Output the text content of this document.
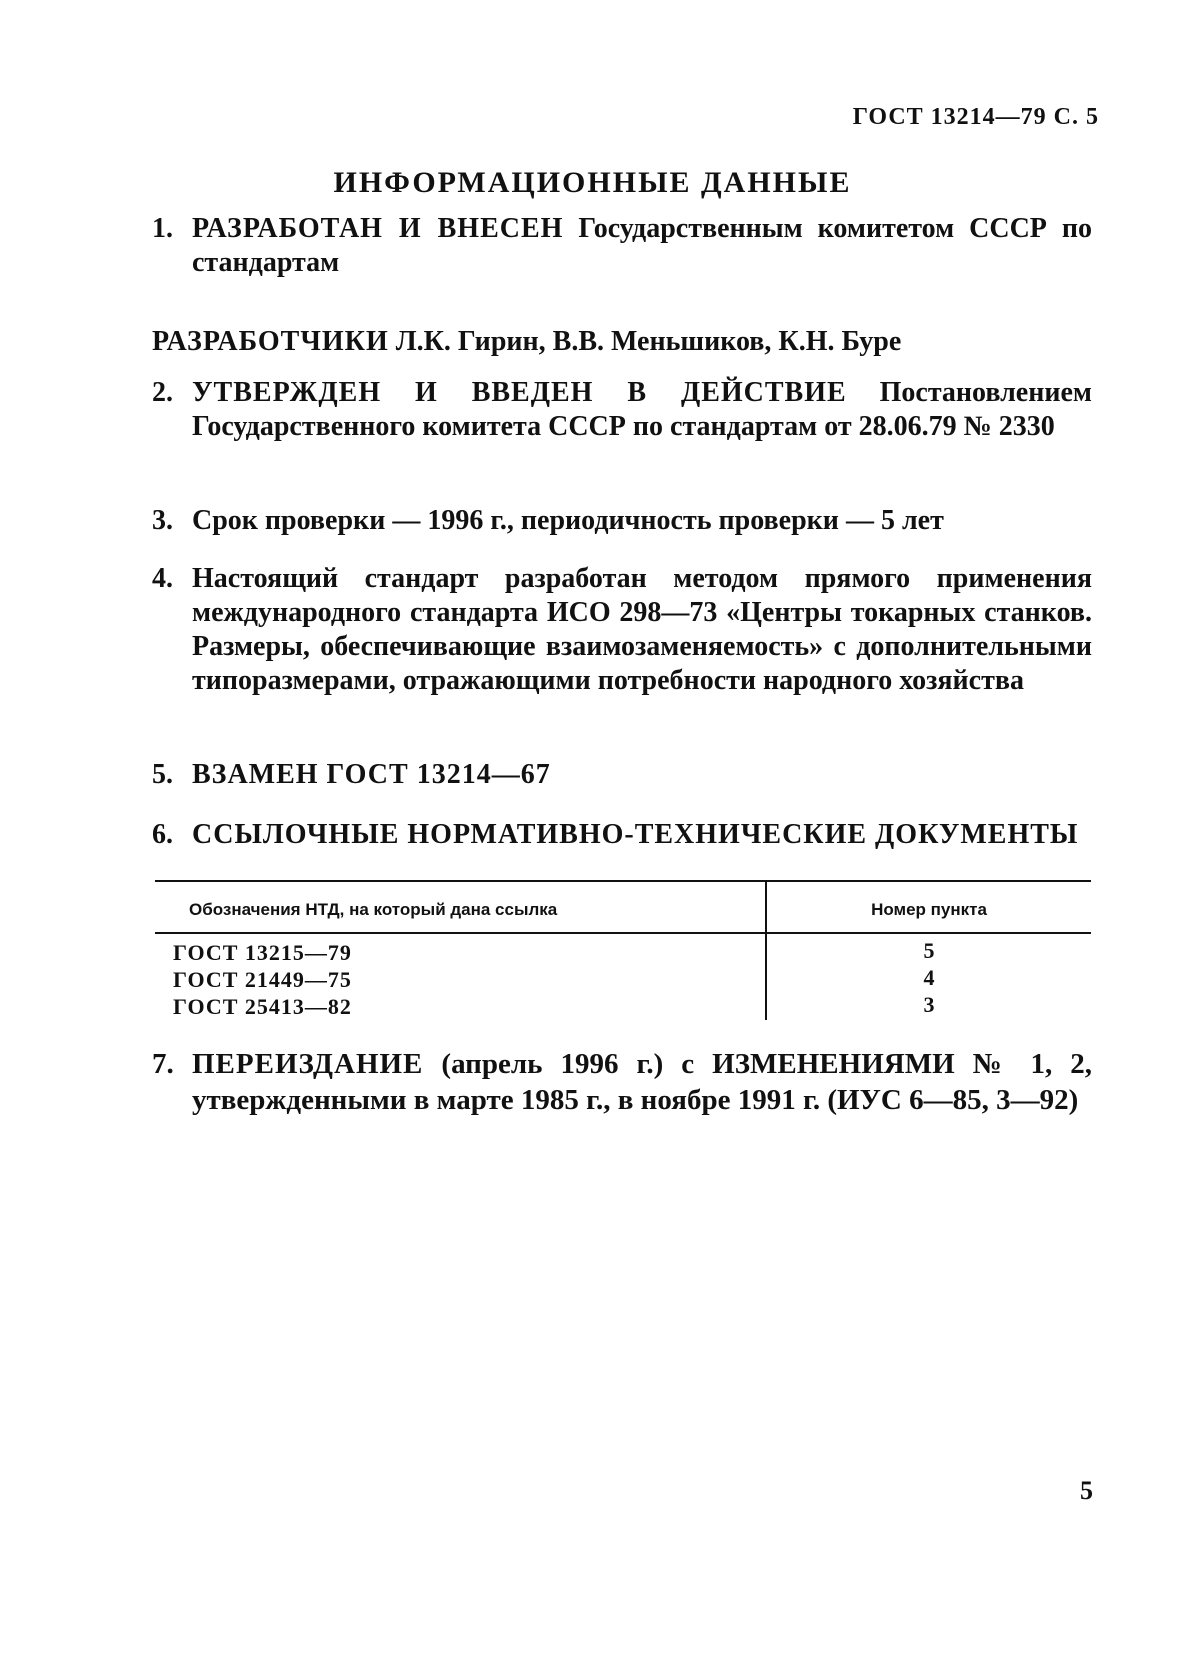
ГОСТ 13214—79 С. 5
ИНФОРМАЦИОННЫЕ ДАННЫЕ
1. РАЗРАБОТАН И ВНЕСЕН Государственным комитетом СССР по стандартам
РАЗРАБОТЧИКИ Л.К. Гирин, В.В. Меньшиков, К.Н. Буре
2. УТВЕРЖДЕН И ВВЕДЕН В ДЕЙСТВИЕ Постановлением Государственного комитета СССР по стандартам от 28.06.79 № 2330
3. Срок проверки — 1996 г., периодичность проверки — 5 лет
4. Настоящий стандарт разработан методом прямого применения международного стандарта ИСО 298—73 «Центры токарных станков. Размеры, обеспечивающие взаимозаменяемость» с дополнительными типоразмерами, отражающими потребности народного хозяйства
5. ВЗАМЕН ГОСТ 13214—67
6. ССЫЛОЧНЫЕ НОРМАТИВНО-ТЕХНИЧЕСКИЕ ДОКУМЕНТЫ
Обозначения НТД, на который дана ссылка	Номер пункта
ГОСТ 13215—79	5
ГОСТ 21449—75	4
ГОСТ 25413—82	3
7. ПЕРЕИЗДАНИЕ (апрель 1996 г.) с ИЗМЕНЕНИЯМИ № 1, 2, утвержденными в марте 1985 г., в ноябре 1991 г. (ИУС 6—85, 3—92)
5
